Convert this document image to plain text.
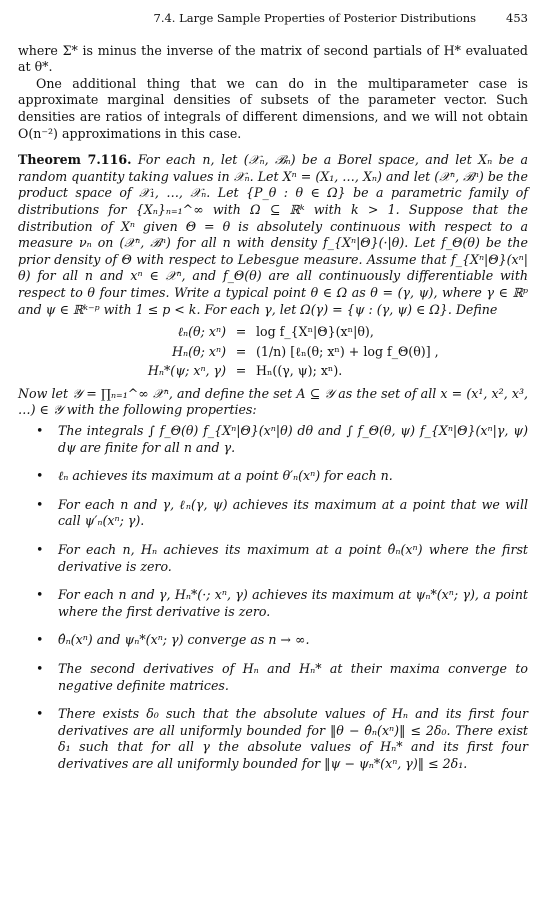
7.4. Large Sample Properties of Posterior Distributions	453

where Σ* is minus the inverse of the matrix of second partials of H* evaluated at θ*.

One additional thing that we can do in the multiparameter case is approximate marginal densities of subsets of the parameter vector. Such densities are ratios of integrals of different dimensions, and we will not obtain O(n⁻²) approximations in this case.

Theorem 7.116. For each n, let (𝒳ₙ, ℬₙ) be a Borel space, and let Xₙ be a random quantity taking values in 𝒳ₙ. Let Xⁿ = (X₁, …, Xₙ) and let (𝒳ⁿ, ℬⁿ) be the product space of 𝒳₁, …, 𝒳ₙ. Let {P_θ : θ ∈ Ω} be a parametric family of distributions for {Xₙ}ₙ₌₁^∞ with Ω ⊆ ℝᵏ with k > 1. Suppose that the distribution of Xⁿ given Θ = θ is absolutely continuous with respect to a measure νₙ on (𝒳ⁿ, ℬⁿ) for all n with density f_{Xⁿ|Θ}(·|θ). Let f_Θ(θ) be the prior density of Θ with respect to Lebesgue measure. Assume that f_{Xⁿ|Θ}(xⁿ|θ) for all n and xⁿ ∈ 𝒳ⁿ, and f_Θ(θ) are all continuously differentiable with respect to θ four times. Write a typical point θ ∈ Ω as θ = (γ, ψ), where γ ∈ ℝᵖ and ψ ∈ ℝᵏ⁻ᵖ with 1 ≤ p < k. For each γ, let Ω(γ) = {ψ : (γ, ψ) ∈ Ω}. Define

ℓₙ(θ; xⁿ) = log f_{Xⁿ|Θ}(xⁿ|θ),
Hₙ(θ; xⁿ) = (1/n) [ℓₙ(θ; xⁿ) + log f_Θ(θ)] ,
Hₙ*(ψ; xⁿ, γ) = Hₙ((γ, ψ); xⁿ).

Now let 𝒴 = ∏ₙ₌₁^∞ 𝒳ⁿ, and define the set A ⊆ 𝒴 as the set of all x = (x¹, x², x³, …) ∈ 𝒴 with the following properties:

• The integrals ∫ f_Θ(θ) f_{Xⁿ|Θ}(xⁿ|θ) dθ and ∫ f_Θ(θ, ψ) f_{Xⁿ|Θ}(xⁿ|γ, ψ) dψ are finite for all n and γ.
• ℓₙ achieves its maximum at a point θ′ₙ(xⁿ) for each n.
• For each n and γ, ℓₙ(γ, ψ) achieves its maximum at a point that we will call ψ′ₙ(xⁿ; γ).
• For each n, Hₙ achieves its maximum at a point θ̂ₙ(xⁿ) where the first derivative is zero.
• For each n and γ, Hₙ*(·; xⁿ, γ) achieves its maximum at ψₙ*(xⁿ; γ), a point where the first derivative is zero.
• θ̂ₙ(xⁿ) and ψₙ*(xⁿ; γ) converge as n → ∞.
• The second derivatives of Hₙ and Hₙ* at their maxima converge to negative definite matrices.
• There exists δ₀ such that the absolute values of Hₙ and its first four derivatives are all uniformly bounded for ‖θ − θ̂ₙ(xⁿ)‖ ≤ 2δ₀. There exist δ₁ such that for all γ the absolute values of Hₙ* and its first four derivatives are all uniformly bounded for ‖ψ − ψₙ*(xⁿ, γ)‖ ≤ 2δ₁.
